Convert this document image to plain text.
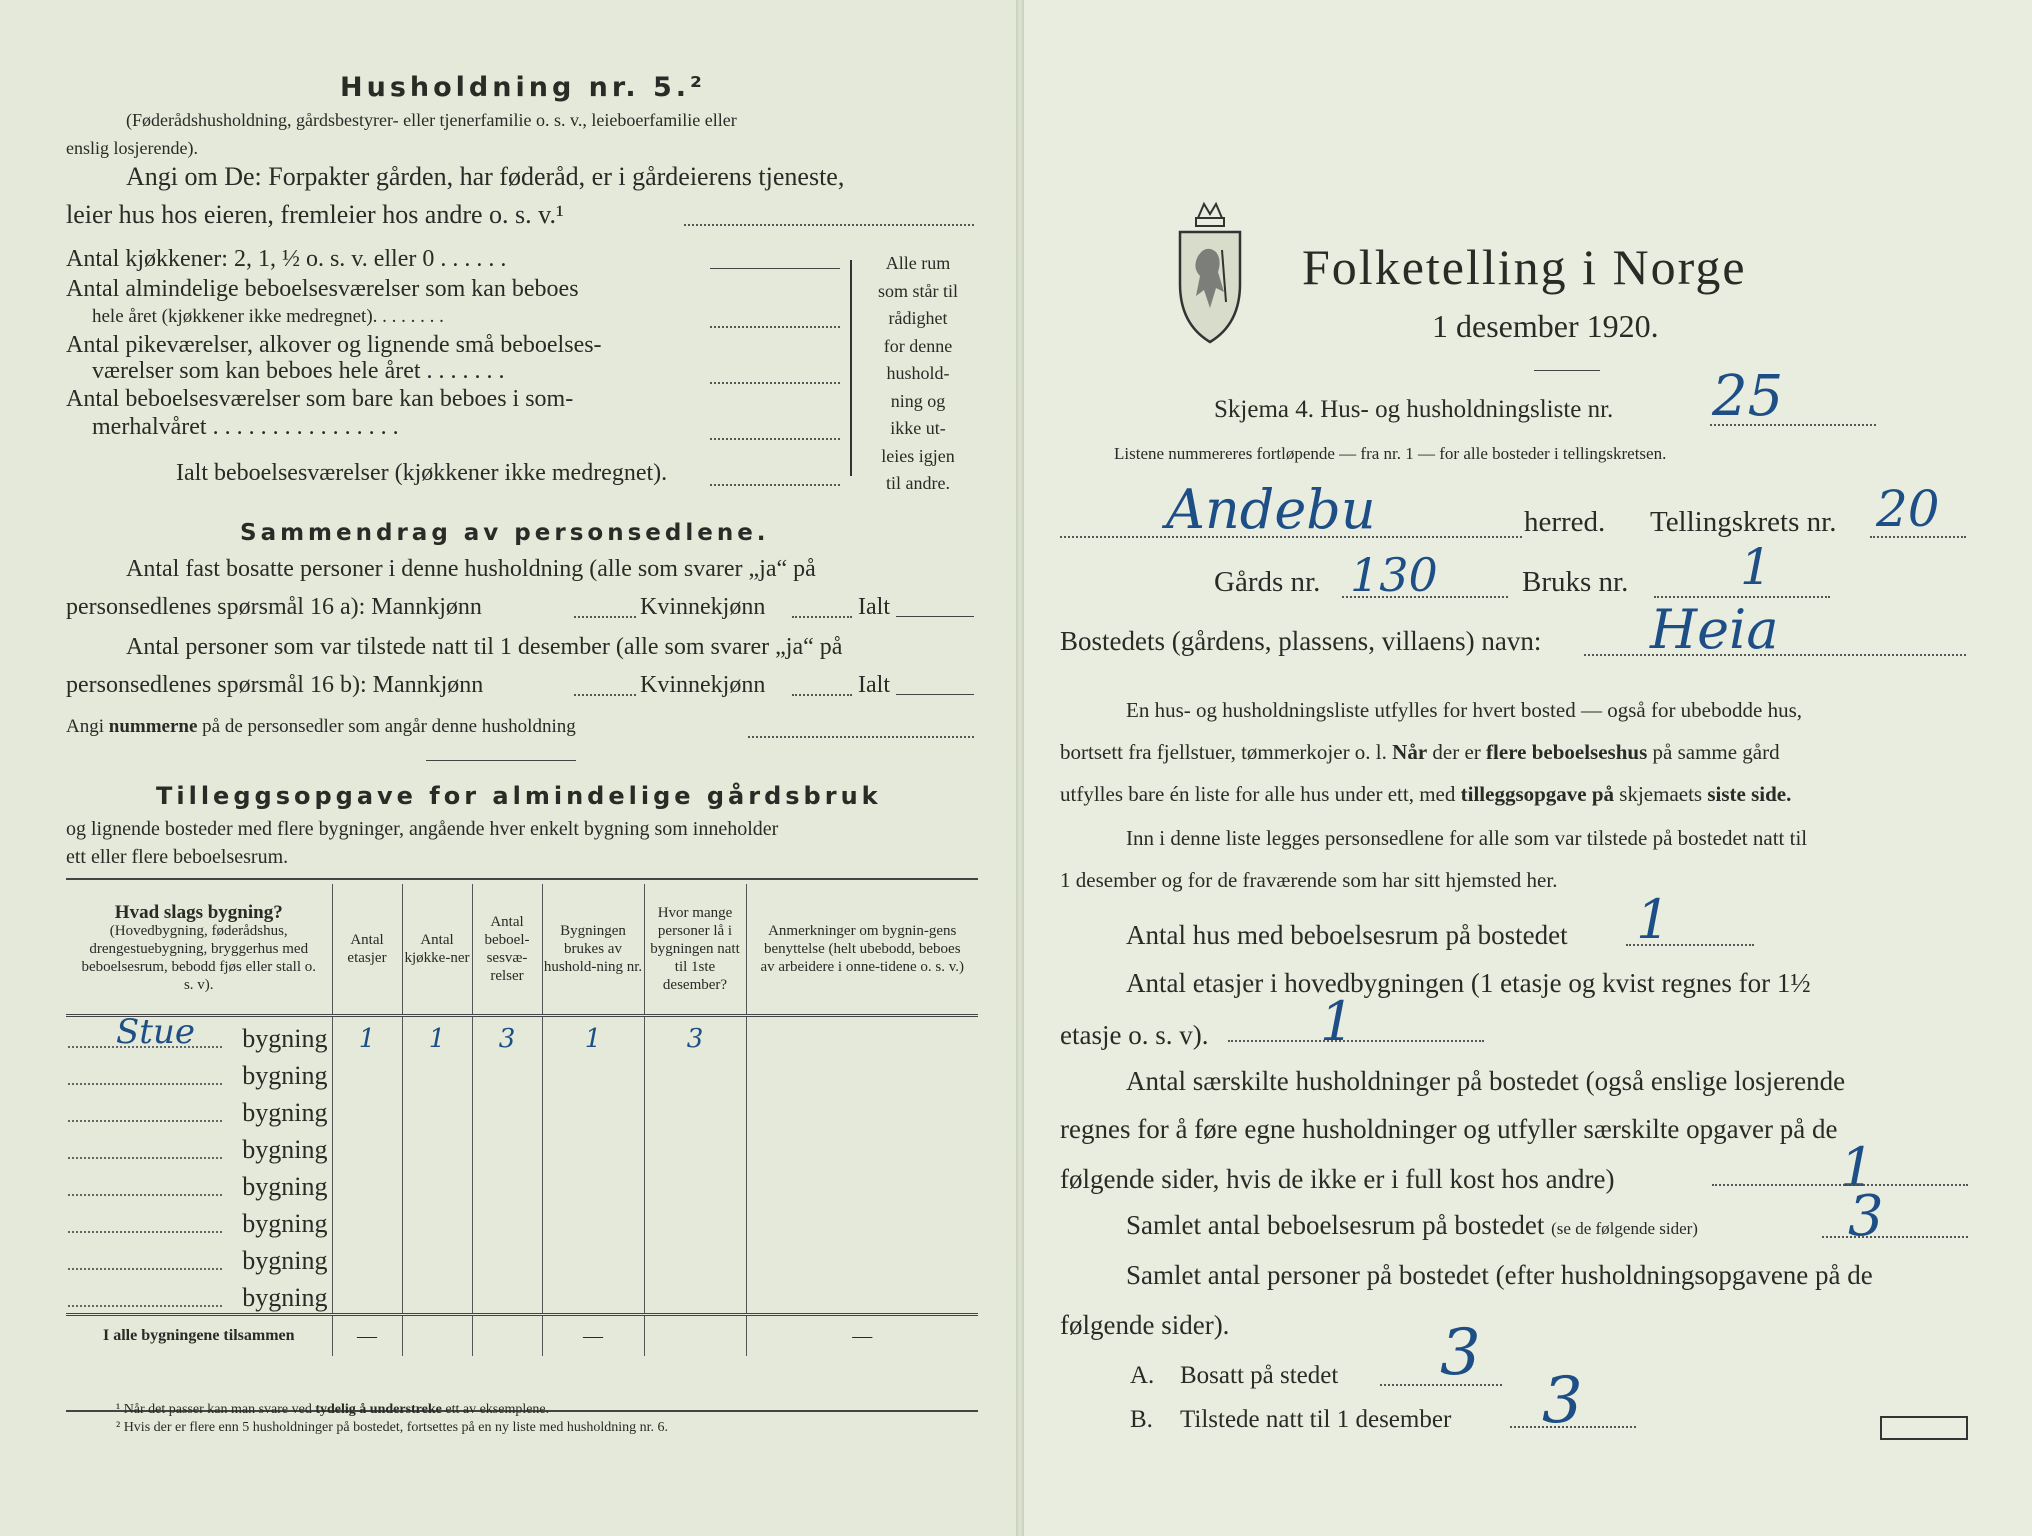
Husholdning nr. 5.²
(Føderådshusholdning, gårdsbestyrer- eller tjenerfamilie o. s. v., leieboerfamilie eller
enslig losjerende).
Angi om De: Forpakter gården, har føderåd, er i gårdeierens tjeneste,
leier hus hos eieren, fremleier hos andre o. s. v.¹
Antal kjøkkener: 2, 1, ½ o. s. v. eller 0 . . . . . .
Antal almindelige beboelsesværelser som kan beboes
hele året (kjøkkener ikke medregnet). . . . . . . .
Antal pikeværelser, alkover og lignende små beboelses-
værelser som kan beboes hele året . . . . . . .
Antal beboelsesværelser som bare kan beboes i som-
merhalvåret . . . . . . . . . . . . . . . .
Ialt beboelsesværelser (kjøkkener ikke medregnet).
Alle rum
som står til
rådighet
for denne
hushold-
ning og
ikke ut-
leies igjen
til andre.
Sammendrag av personsedlene.
Antal fast bosatte personer i denne husholdning (alle som svarer „ja“ på
personsedlenes spørsmål 16 a): Mannkjønn	Kvinnekjønn	Ialt
Antal personer som var tilstede natt til 1 desember (alle som svarer „ja“ på
personsedlenes spørsmål 16 b): Mannkjønn	Kvinnekjønn	Ialt
Angi nummerne på de personsedler som angår denne husholdning
Tilleggsopgave for almindelige gårdsbruk
og lignende bosteder med flere bygninger, angående hver enkelt bygning som inneholder
ett eller flere beboelsesrum.
Hvad slags bygning?
(Hovedbygning, føderådshus, drengestuebygning, bryggerhus med beboelsesrum, bebodd fjøs eller stall o. s. v).	Antal etasjer	Antal kjøkke-ner	Antal beboel-sesvæ-relser	Bygningen brukes av hushold-ning nr.	Hvor mange personer lå i bygningen natt til 1ste desember?	Anmerkninger om bygnin-gens benyttelse (helt ubebodd, beboes av arbeidere i onne-tidene o. s. v.)

Stue bygning	1	1	3	1	3	

bygning						

bygning						

bygning						

bygning						

bygning						

bygning						

bygning						
I alle bygningene tilsammen	—			—		—
¹ Når det passer kan man svare ved tydelig å understreke ett av eksemplene.
² Hvis der er flere enn 5 husholdninger på bostedet, fortsettes på en ny liste med husholdning nr. 6.
Folketelling i Norge
1 desember 1920.
Skjema 4. Hus- og husholdningsliste nr. 25
Listene nummereres fortløpende — fra nr. 1 — for alle bosteder i tellingskretsen.
Andebu	herred. Tellingskrets nr. 20
Gårds nr. 130	Bruks nr. 1
Bostedets (gårdens, plassens, villaens) navn: Heia
En hus- og husholdningsliste utfylles for hvert bosted — også for ubebodde hus,
bortsett fra fjellstuer, tømmerkojer o. l. Når der er flere beboelseshus på samme gård
utfylles bare én liste for alle hus under ett, med tilleggsopgave på skjemaets siste side.
Inn i denne liste legges personsedlene for alle som var tilstede på bostedet natt til
1 desember og for de fraværende som har sitt hjemsted her.
Antal hus med beboelsesrum på bostedet 1
Antal etasjer i hovedbygningen (1 etasje og kvist regnes for 1½
etasje o. s. v). 1
Antal særskilte husholdninger på bostedet (også enslige losjerende
regnes for å føre egne husholdninger og utfyller særskilte opgaver på de
følgende sider, hvis de ikke er i full kost hos andre)	1
Samlet antal beboelsesrum på bostedet (se de følgende sider)	3
Samlet antal personer på bostedet (efter husholdningsopgavene på de
følgende sider).
A. Bosatt på stedet 3
B. Tilstede natt til 1 desember 3
